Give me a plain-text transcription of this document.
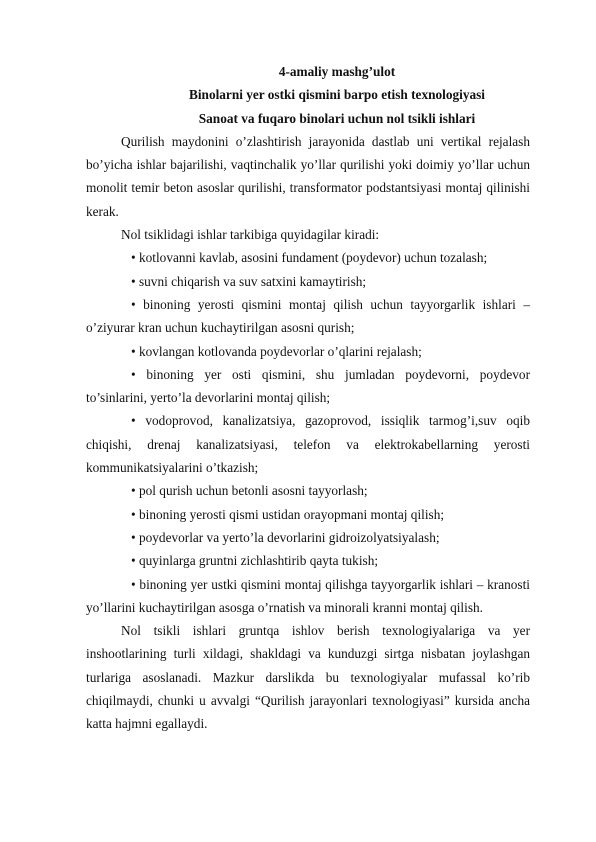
4-amaliy mashg’ulot

Binolarni yer ostki qismini barpo etish texnologiyasi

Sanoat va fuqaro binolari uchun nol tsikli ishlari

Qurilish maydonini o’zlashtirish jarayonida dastlab uni vertikal rejalash bo’yicha ishlar bajarilishi, vaqtinchalik yo’llar qurilishi yoki doimiy yo’llar uchun monolit temir beton asoslar qurilishi, transformator podstantsiyasi montaj qilinishi kerak.

Nol tsiklidagi ishlar tarkibiga quyidagilar kiradi:

• kotlovanni kavlab, asosini fundament (poydevor) uchun tozalash;

• suvni chiqarish va suv satxini kamaytirish;

• binoning yerosti qismini montaj qilish uchun tayyorgarlik ishlari – o’ziyurar kran uchun kuchaytirilgan asosni qurish;

• kovlangan kotlovanda poydevorlar o’qlarini rejalash;

• binoning yer osti qismini, shu jumladan poydevorni, poydevor to’sinlarini, yerto’la devorlarini montaj qilish;

• vodoprovod, kanalizatsiya, gazoprovod, issiqlik tarmog’i,suv oqib chiqishi, drenaj kanalizatsiyasi, telefon va elektrokabellarning yerosti kommunikatsiyalarini o’tkazish;

• pol qurish uchun betonli asosni tayyorlash;

• binoning yerosti qismi ustidan orayopmani montaj qilish;

• poydevorlar va yerto’la devorlarini gidroizolyatsiyalash;

• quyinlarga gruntni zichlashtirib qayta tukish;

• binoning yer ustki qismini montaj qilishga tayyorgarlik ishlari – kranosti yo’llarini kuchaytirilgan asosga o’rnatish va minorali kranni montaj qilish.

Nol tsikli ishlari gruntqa ishlov berish texnologiyalariga va yer inshootlarining turli xildagi, shakldagi va kunduzgi sirtga nisbatan joylashgan turlariga asoslanadi. Mazkur darslikda bu texnologiyalar mufassal ko’rib chiqilmaydi, chunki u avvalgi “Qurilish jarayonlari texnologiyasi” kursida ancha katta hajmni egallaydi.
